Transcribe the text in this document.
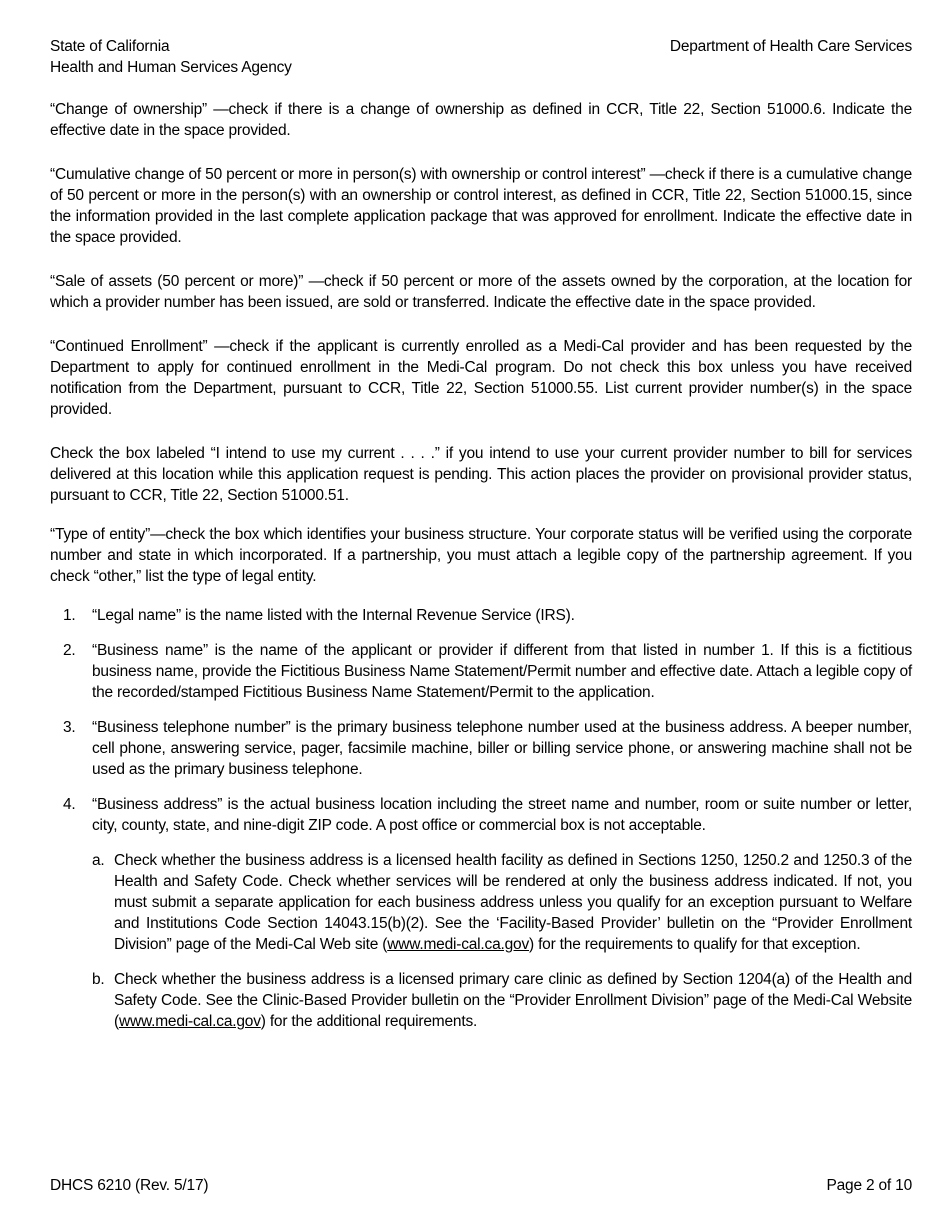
State of California
Health and Human Services Agency
Department of Health Care Services

“Change of ownership” —check if there is a change of ownership as defined in CCR, Title 22, Section 51000.6. Indicate the effective date in the space provided.

“Cumulative change of 50 percent or more in person(s) with ownership or control interest” —check if there is a cumulative change of 50 percent or more in the person(s) with an ownership or control interest, as defined in CCR, Title 22, Section 51000.15, since the information provided in the last complete application package that was approved for enrollment. Indicate the effective date in the space provided.

“Sale of assets (50 percent or more)” —check if 50 percent or more of the assets owned by the corporation, at the location for which a provider number has been issued, are sold or transferred. Indicate the effective date in the space provided.

“Continued Enrollment” —check if the applicant is currently enrolled as a Medi-Cal provider and has been requested by the Department to apply for continued enrollment in the Medi-Cal program. Do not check this box unless you have received notification from the Department, pursuant to CCR, Title 22, Section 51000.55. List current provider number(s) in the space provided.

Check the box labeled “I intend to use my current . . . .” if you intend to use your current provider number to bill for services delivered at this location while this application request is pending. This action places the provider on provisional provider status, pursuant to CCR, Title 22, Section 51000.51.

“Type of entity”—check the box which identifies your business structure. Your corporate status will be verified using the corporate number and state in which incorporated. If a partnership, you must attach a legible copy of the partnership agreement. If you check “other,” list the type of legal entity.

1.	“Legal name” is the name listed with the Internal Revenue Service (IRS).
2.	“Business name” is the name of the applicant or provider if different from that listed in number 1. If this is a fictitious business name, provide the Fictitious Business Name Statement/Permit number and effective date. Attach a legible copy of the recorded/stamped Fictitious Business Name Statement/Permit to the application.
3.	“Business telephone number” is the primary business telephone number used at the business address. A beeper number, cell phone, answering service, pager, facsimile machine, biller or billing service phone, or answering machine shall not be used as the primary business telephone.
4.	“Business address” is the actual business location including the street name and number, room or suite number or letter, city, county, state, and nine-digit ZIP code. A post office or commercial box is not acceptable.
a. Check whether the business address is a licensed health facility as defined in Sections 1250, 1250.2 and 1250.3 of the Health and Safety Code. Check whether services will be rendered at only the business address indicated. If not, you must submit a separate application for each business address unless you qualify for an exception pursuant to Welfare and Institutions Code Section 14043.15(b)(2). See the ‘Facility-Based Provider’ bulletin on the “Provider Enrollment Division” page of the Medi-Cal Web site (www.medi-cal.ca.gov) for the requirements to qualify for that exception.
b. Check whether the business address is a licensed primary care clinic as defined by Section 1204(a) of the Health and Safety Code. See the Clinic-Based Provider bulletin on the “Provider Enrollment Division” page of the Medi-Cal Website (www.medi-cal.ca.gov) for the additional requirements.
DHCS 6210 (Rev. 5/17)	Page 2 of 10
